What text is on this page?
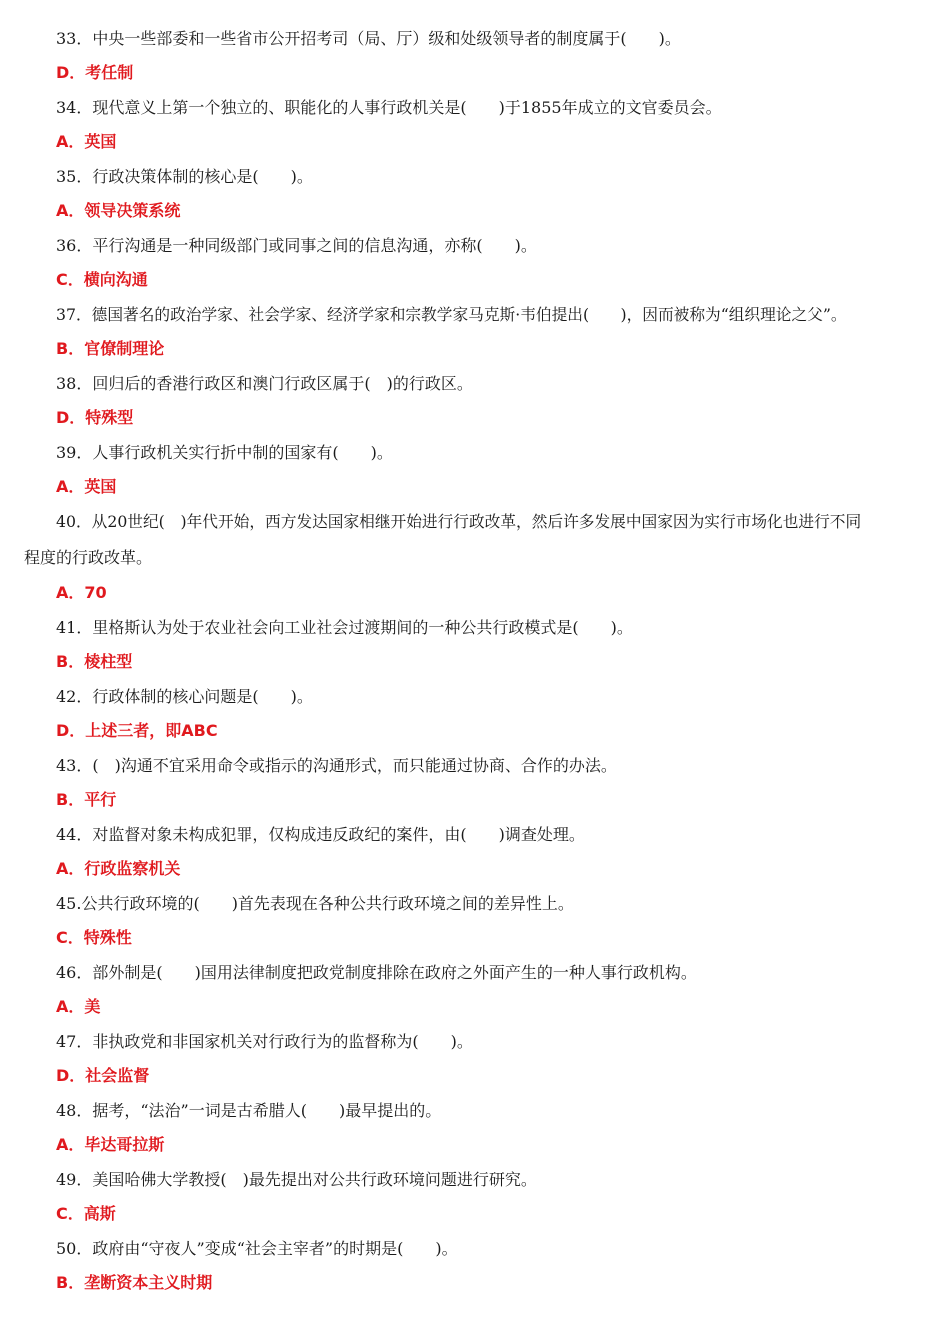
33．中央一些部委和一些省市公开招考司（局、厅）级和处级领导者的制度属于(　　)。
D．考任制
34．现代意义上第一个独立的、职能化的人事行政机关是(　　)于1855年成立的文官委员会。
A．英国
35．行政决策体制的核心是(　　)。
A．领导决策系统
36．平行沟通是一种同级部门或同事之间的信息沟通，亦称(　　)。
C．横向沟通
37．德国著名的政治学家、社会学家、经济学家和宗教学家马克斯·韦伯提出(　　)，因而被称为“组织理论之父”。
B．官僚制理论
38．回归后的香港行政区和澳门行政区属于(　)的行政区。
D．特殊型
39．人事行政机关实行折中制的国家有(　　)。
A．英国
40．从20世纪(　)年代开始，西方发达国家相继开始进行行政改革，然后许多发展中国家因为实行市场化也进行不同
程度的行政改革。
A．70
41．里格斯认为处于农业社会向工业社会过渡期间的一种公共行政模式是(　　)。
B．棱柱型
42．行政体制的核心问题是(　　)。
D．上述三者，即ABC
43．(　)沟通不宜采用命令或指示的沟通形式，而只能通过协商、合作的办法。
B．平行
44．对监督对象未构成犯罪，仅构成违反政纪的案件，由(　　)调查处理。
A．行政监察机关
45.公共行政环境的(　　)首先表现在各种公共行政环境之间的差异性上。
C．特殊性
46．部外制是(　　)国用法律制度把政党制度排除在政府之外面产生的一种人事行政机构。
A．美
47．非执政党和非国家机关对行政行为的监督称为(　　)。
D．社会监督
48．据考，“法治”一词是古希腊人(　　)最早提出的。
A．毕达哥拉斯
49．美国哈佛大学教授(　)最先提出对公共行政环境问题进行研究。
C．高斯
50．政府由“守夜人”变成“社会主宰者”的时期是(　　)。
B．垄断资本主义时期
